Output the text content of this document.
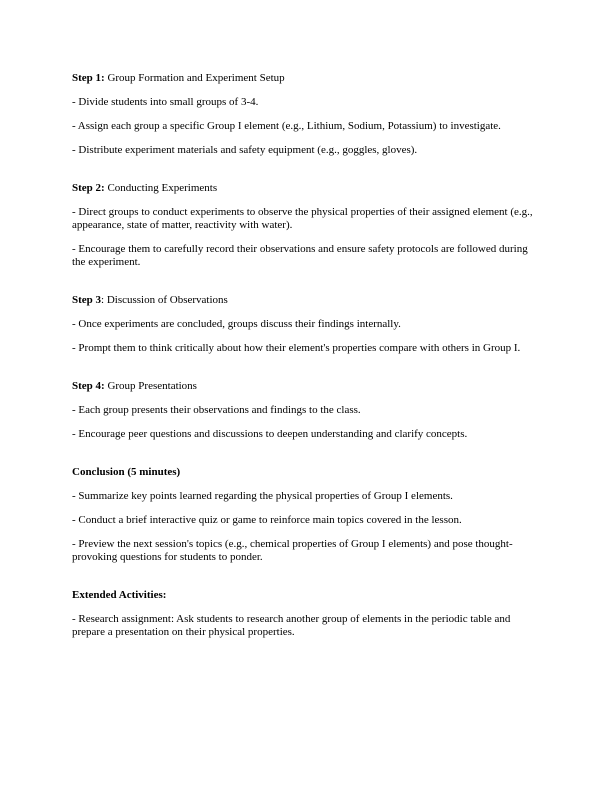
Step 1: Group Formation and Experiment Setup
- Divide students into small groups of 3-4.
- Assign each group a specific Group I element (e.g., Lithium, Sodium, Potassium) to investigate.
- Distribute experiment materials and safety equipment (e.g., goggles, gloves).
Step 2: Conducting Experiments
- Direct groups to conduct experiments to observe the physical properties of their assigned element (e.g., appearance, state of matter, reactivity with water).
- Encourage them to carefully record their observations and ensure safety protocols are followed during the experiment.
Step 3: Discussion of Observations
- Once experiments are concluded, groups discuss their findings internally.
- Prompt them to think critically about how their element's properties compare with others in Group I.
Step 4: Group Presentations
- Each group presents their observations and findings to the class.
- Encourage peer questions and discussions to deepen understanding and clarify concepts.
Conclusion (5 minutes)
- Summarize key points learned regarding the physical properties of Group I elements.
- Conduct a brief interactive quiz or game to reinforce main topics covered in the lesson.
- Preview the next session's topics (e.g., chemical properties of Group I elements) and pose thought-provoking questions for students to ponder.
Extended Activities:
- Research assignment: Ask students to research another group of elements in the periodic table and prepare a presentation on their physical properties.
